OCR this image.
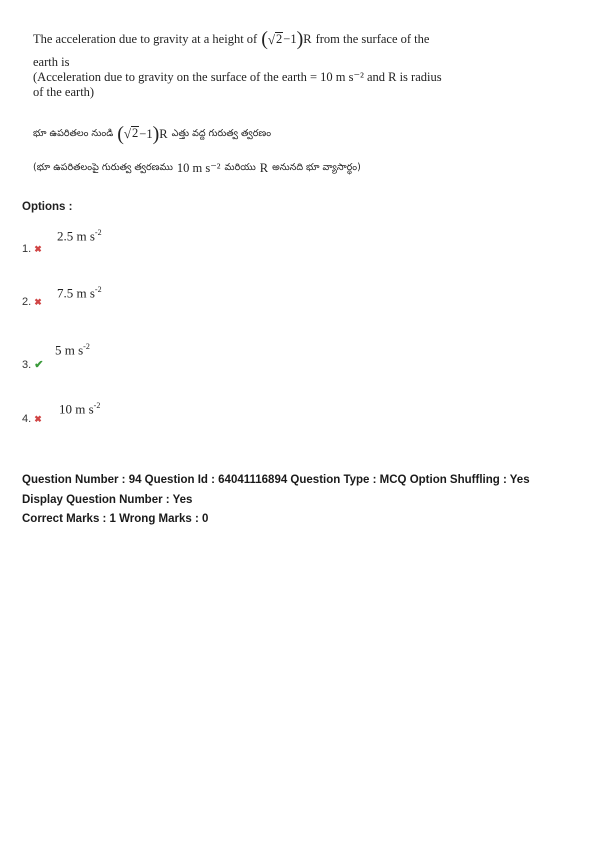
The acceleration due to gravity at a height of ( √ 2 −1 ) R from the surface of the
earth is
(Acceleration due to gravity on the surface of the earth = 10 m s⁻² and R is radius
of the earth)
భూ ఉపరితలం నుండి ( √ 2 −1 ) R ఎత్తు వద్ద గురుత్వ త్వరణం
(భూ ఉపరితలంపై గురుత్వ త్వరణము 10 m s⁻² మరియు R అనునది భూ వ్యాసార్ధం)
Options :
2.5 m $s^{-2}$
1. ✖
7.5 m $s^{-2}$
2. ✖
5 m $s^{-2}$
3. ✔
10 m $s^{-2}$
4. ✖
Question Number : 94 Question Id : 64041116894 Question Type : MCQ Option Shuffling : Yes
Display Question Number : Yes
Correct Marks : 1 Wrong Marks : 0
